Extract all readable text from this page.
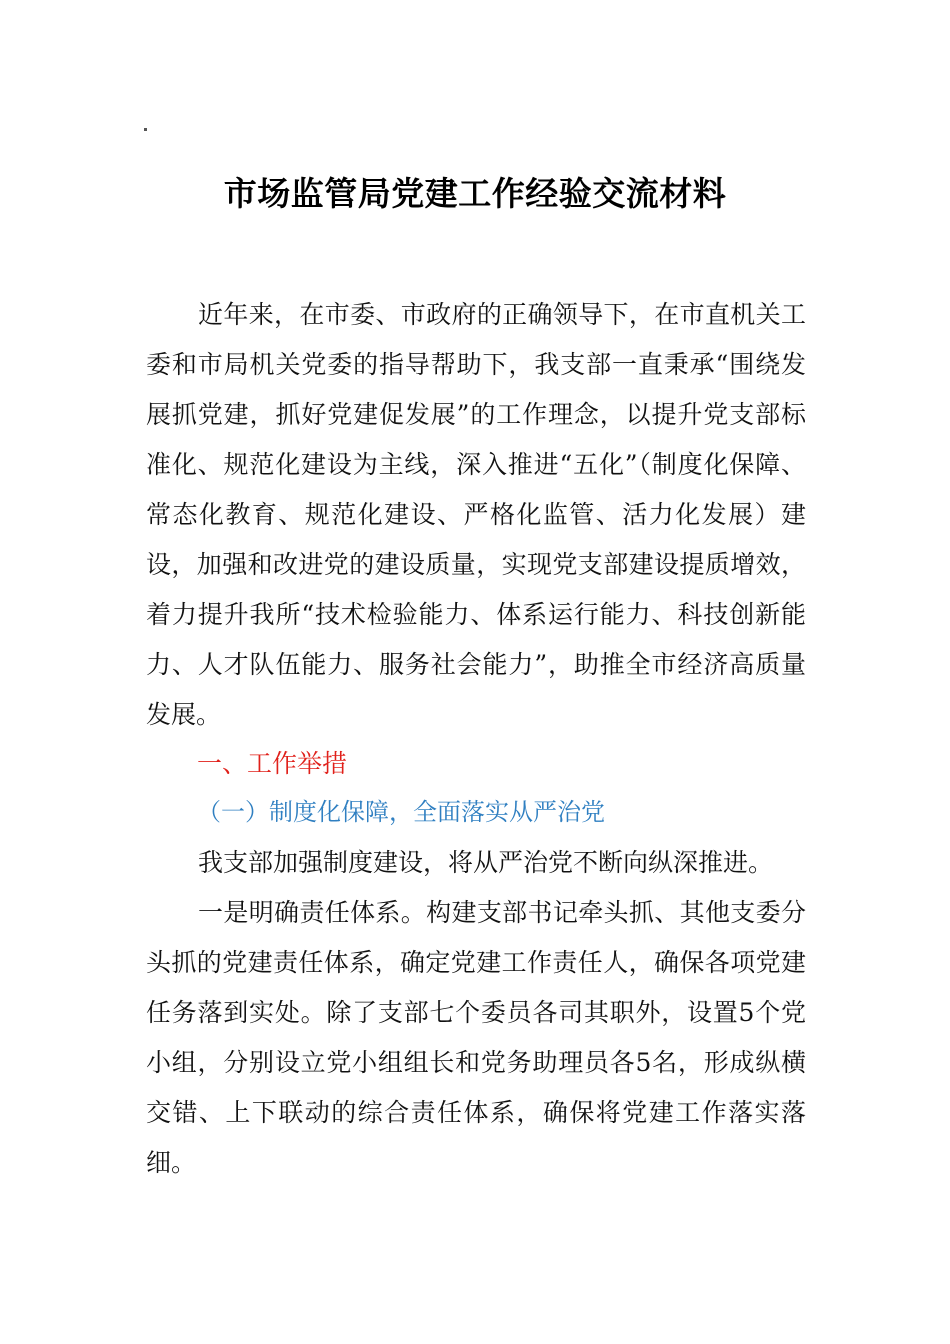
市场监管局党建工作经验交流材料

近年来，在市委、市政府的正确领导下，在市直机关工委和市局机关党委的指导帮助下，我支部一直秉承“围绕发展抓党建，抓好党建促发展”的工作理念，以提升党支部标准化、规范化建设为主线，深入推进“五化”（制度化保障、常态化教育、规范化建设、严格化监管、活力化发展）建设，加强和改进党的建设质量，实现党支部建设提质增效，着力提升我所“技术检验能力、体系运行能力、科技创新能力、人才队伍能力、服务社会能力”，助推全市经济高质量发展。

一、工作举措

（一）制度化保障，全面落实从严治党

我支部加强制度建设，将从严治党不断向纵深推进。

一是明确责任体系。构建支部书记牵头抓、其他支委分头抓的党建责任体系，确定党建工作责任人，确保各项党建任务落到实处。除了支部七个委员各司其职外，设置5个党小组，分别设立党小组组长和党务助理员各5名，形成纵横交错、上下联动的综合责任体系，确保将党建工作落实落细。
